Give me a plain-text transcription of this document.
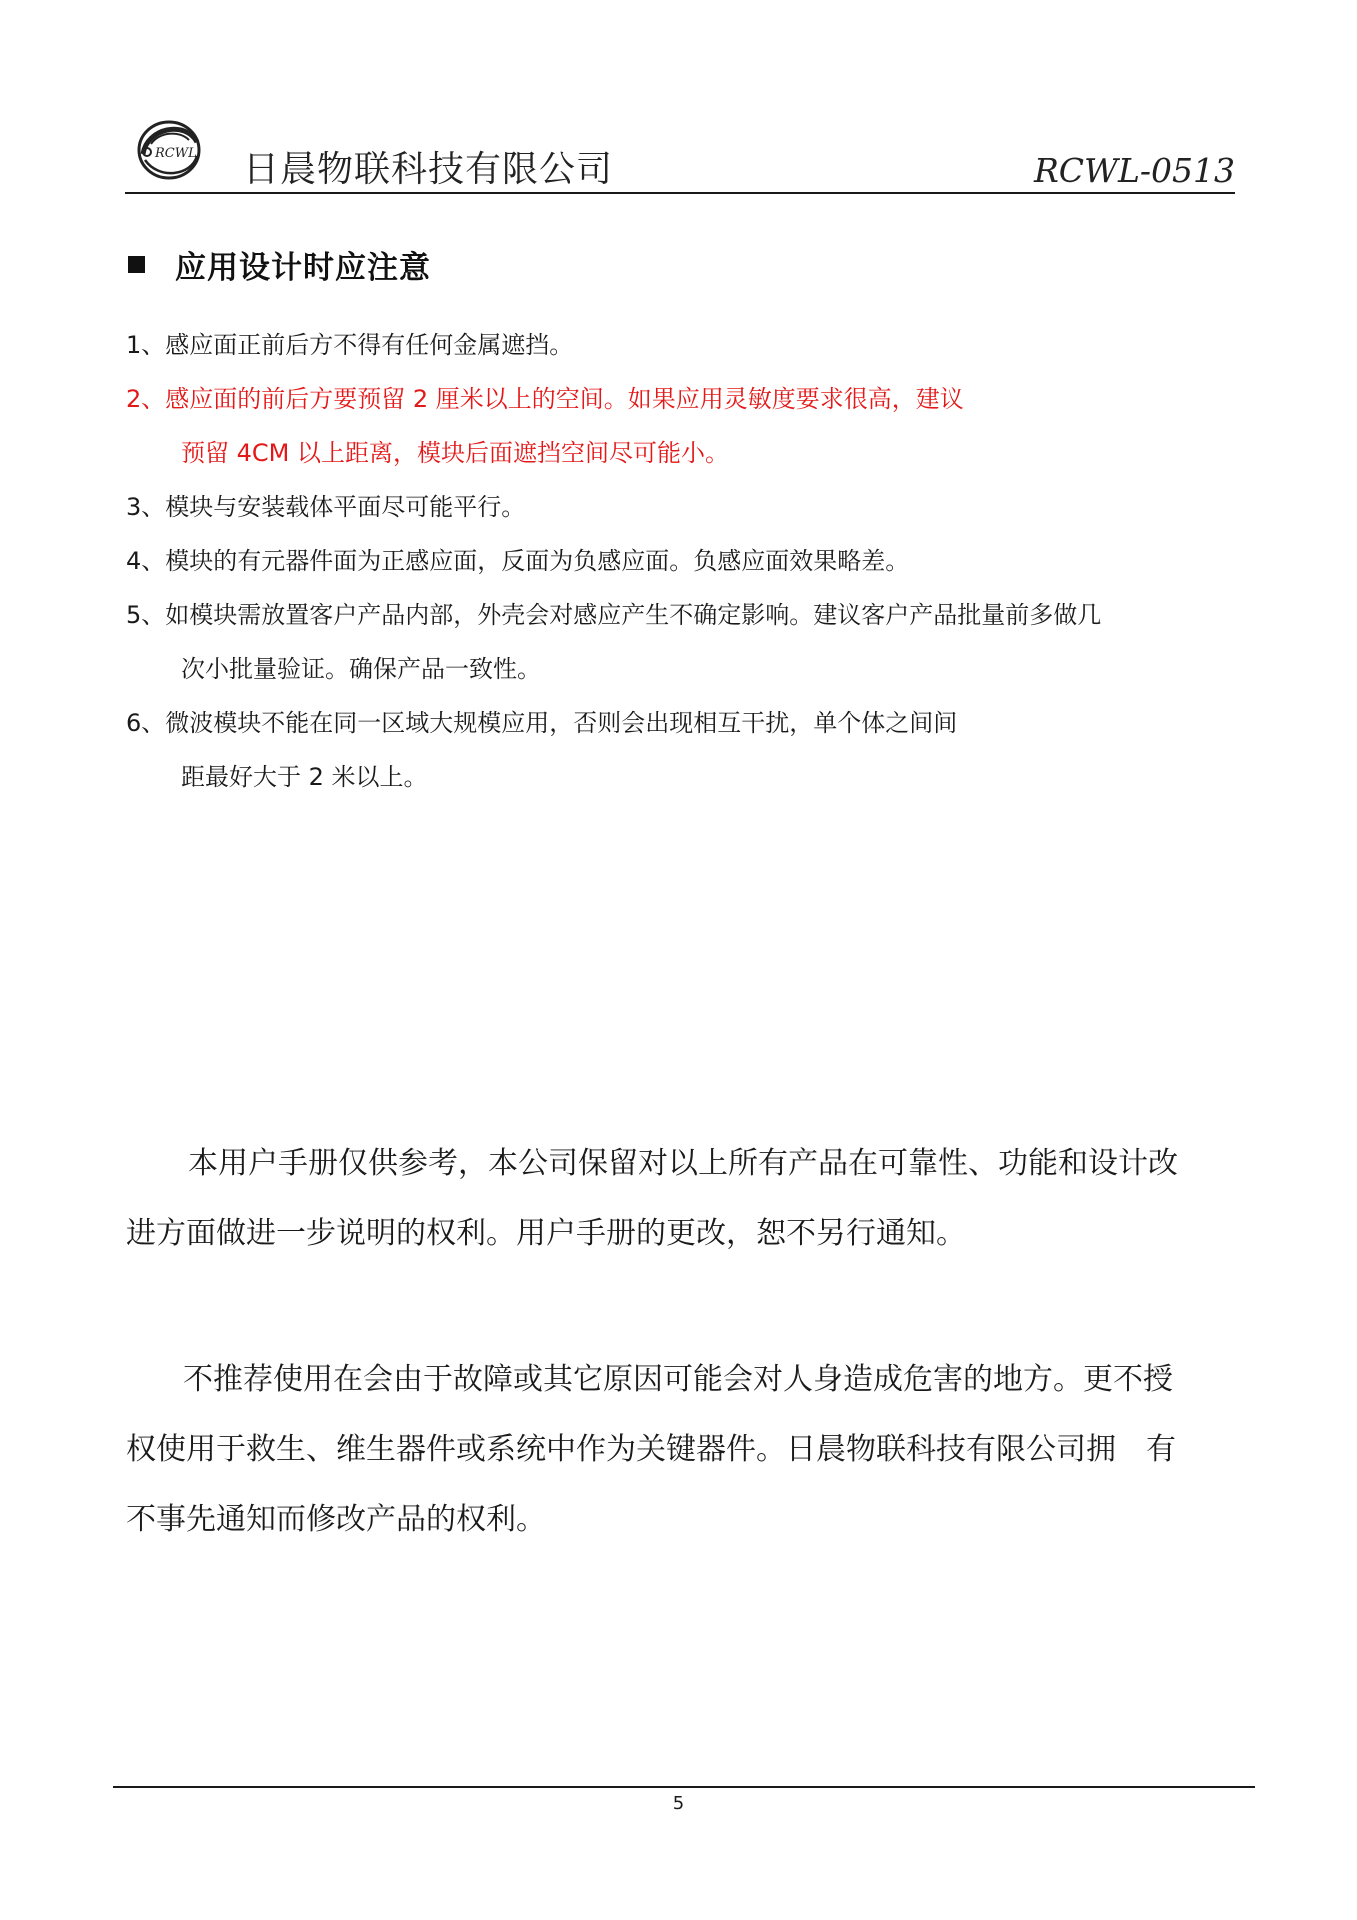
RCWL 日晨物联科技有限公司	RCWL-0513
应用设计时应注意
1、感应面正前后方不得有任何金属遮挡。
2、感应面的前后方要预留 2 厘米以上的空间。如果应用灵敏度要求很高，建议
预留 4CM 以上距离，模块后面遮挡空间尽可能小。
3、模块与安装载体平面尽可能平行。
4、模块的有元器件面为正感应面，反面为负感应面。负感应面效果略差。
5、如模块需放置客户产品内部，外壳会对感应产生不确定影响。建议客户产品批量前多做几
次小批量验证。确保产品一致性。
6、微波模块不能在同一区域大规模应用，否则会出现相互干扰，单个体之间间
距最好大于 2 米以上。
本用户手册仅供参考，本公司保留对以上所有产品在可靠性、功能和设计改
进方面做进一步说明的权利。用户手册的更改，恕不另行通知。
不推荐使用在会由于故障或其它原因可能会对人身造成危害的地方。更不授
权使用于救生、维生器件或系统中作为关键器件。日晨物联科技有限公司拥　有
不事先通知而修改产品的权利。
5
